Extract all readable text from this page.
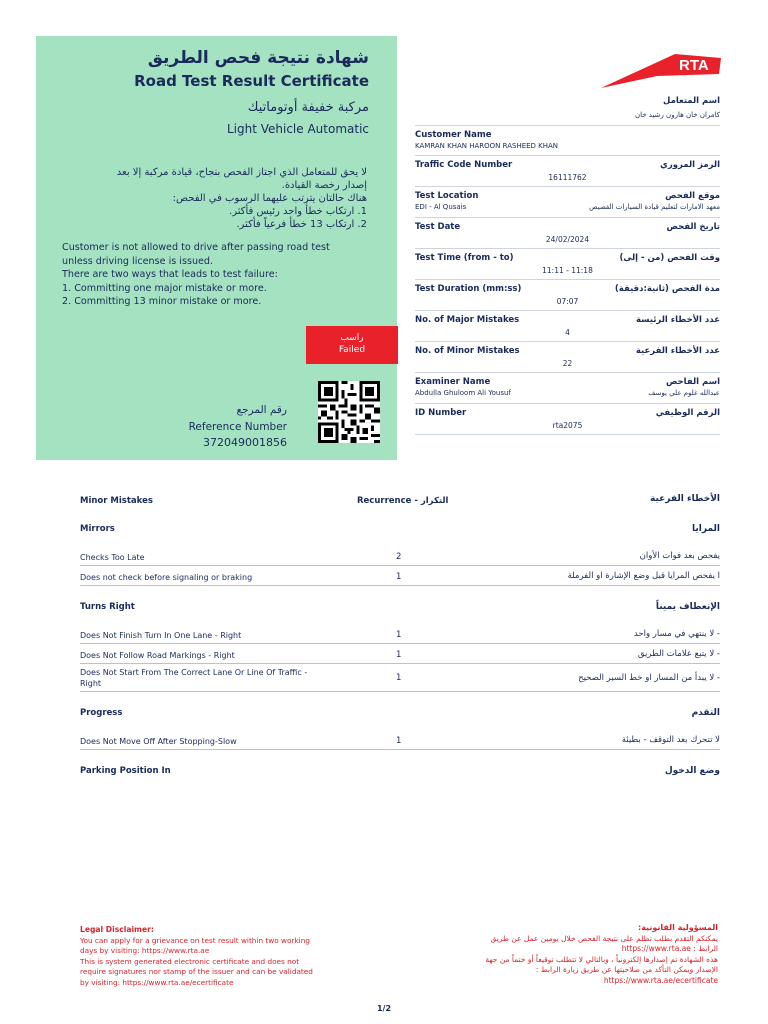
شهادة نتيجة فحص الطريق
Road Test Result Certificate
مركبة خفيفة أوتوماتيك
Light Vehicle Automatic
لا يحق للمتعامل الذي اجتاز الفحص بنجاح، قيادة مركبة إلا بعد
إصدار رخصة القيادة.
هناك حالتان يترتب عليهما الرسوب في الفحص:
1. ارتكاب خطأ واحد رئيس فأكثر.
2. ارتكاب 13 خطأ فرعياً فأكثر.
Customer is not allowed to drive after passing road test
unless driving license is issued.
There are two ways that leads to test failure:
1. Committing one major mistake or more.
2. Committing 13 minor mistake or more.
راسب
Failed
رقم المرجع
Reference Number
372049001856
RTA
اسم المتعامل
كامران خان هارون رشيد خان
Customer Name
KAMRAN KHAN HAROON RASHEED KHAN
Traffic Code Number	الرمز المروري
16111762
Test Location	موقع الفحص
EDI - Al Qusais	معهد الامارات لتعليم قيادة السيارات القصيص
Test Date	تاريخ الفحص
24/02/2024
Test Time (from - to)	وقت الفحص (من - إلى)
11:11 - 11:18
Test Duration (mm:ss)	مدة الفحص (ثانية:دقيقة)
07:07
No. of Major Mistakes	عدد الأخطاء الرئيسة
4
No. of Minor Mistakes	عدد الأخطاء الفرعية
22
Examiner Name	اسم الفاحص
Abdulla Ghuloom Ali Yousuf	عبدالله غلوم علي يوسف
ID Number	الرقم الوظيفي
rta2075
Minor Mistakes	Recurrence - التكرار	الأخطاء الفرعية
Mirrors	المرايا
Checks Too Late	2	يفحص بعد فوات الأوان
Does not check before signaling or braking	1	ا يفحص المرايا قبل وضع الإشارة او الفرملة
Turns Right	الإنعطاف يميناً
Does Not Finish Turn In One Lane - Right	1	- لا ينتهي في مسار واحد
Does Not Follow Road Markings - Right	1	- لا يتبع علامات الطريق
Does Not Start From The Correct Lane Or Line Of Traffic - Right
1	- لا يبدأ من المسار او خط السير الصحيح
Progress	التقدم
Does Not Move Off After Stopping-Slow	1	لا تتحرك بعد التوقف - بطيئة
Parking Position In	وضع الدخول
Legal Disclaimer:
You can apply for a grievance on test result within two working
days by visiting: https://www.rta.ae
This is system generated electronic certificate and does not
require signatures nor stamp of the issuer and can be validated
by visiting: https://www.rta.ae/ecertificate
المسؤولية القانونية:
يمكنكم التقدم بطلب تظلم على نتيجة الفحص خلال يومين عمل عن طريق
الرابط : https://www.rta.ae
هذه الشهادة تم إصدارها إلكترونياً ، وبالتالي لا تتطلب توقيعاً أو ختماً من جهة
الإصدار ويمكن التأكد من صلاحيتها عن طريق زيارة الرابط :
https://www.rta.ae/ecertificate
1/2
